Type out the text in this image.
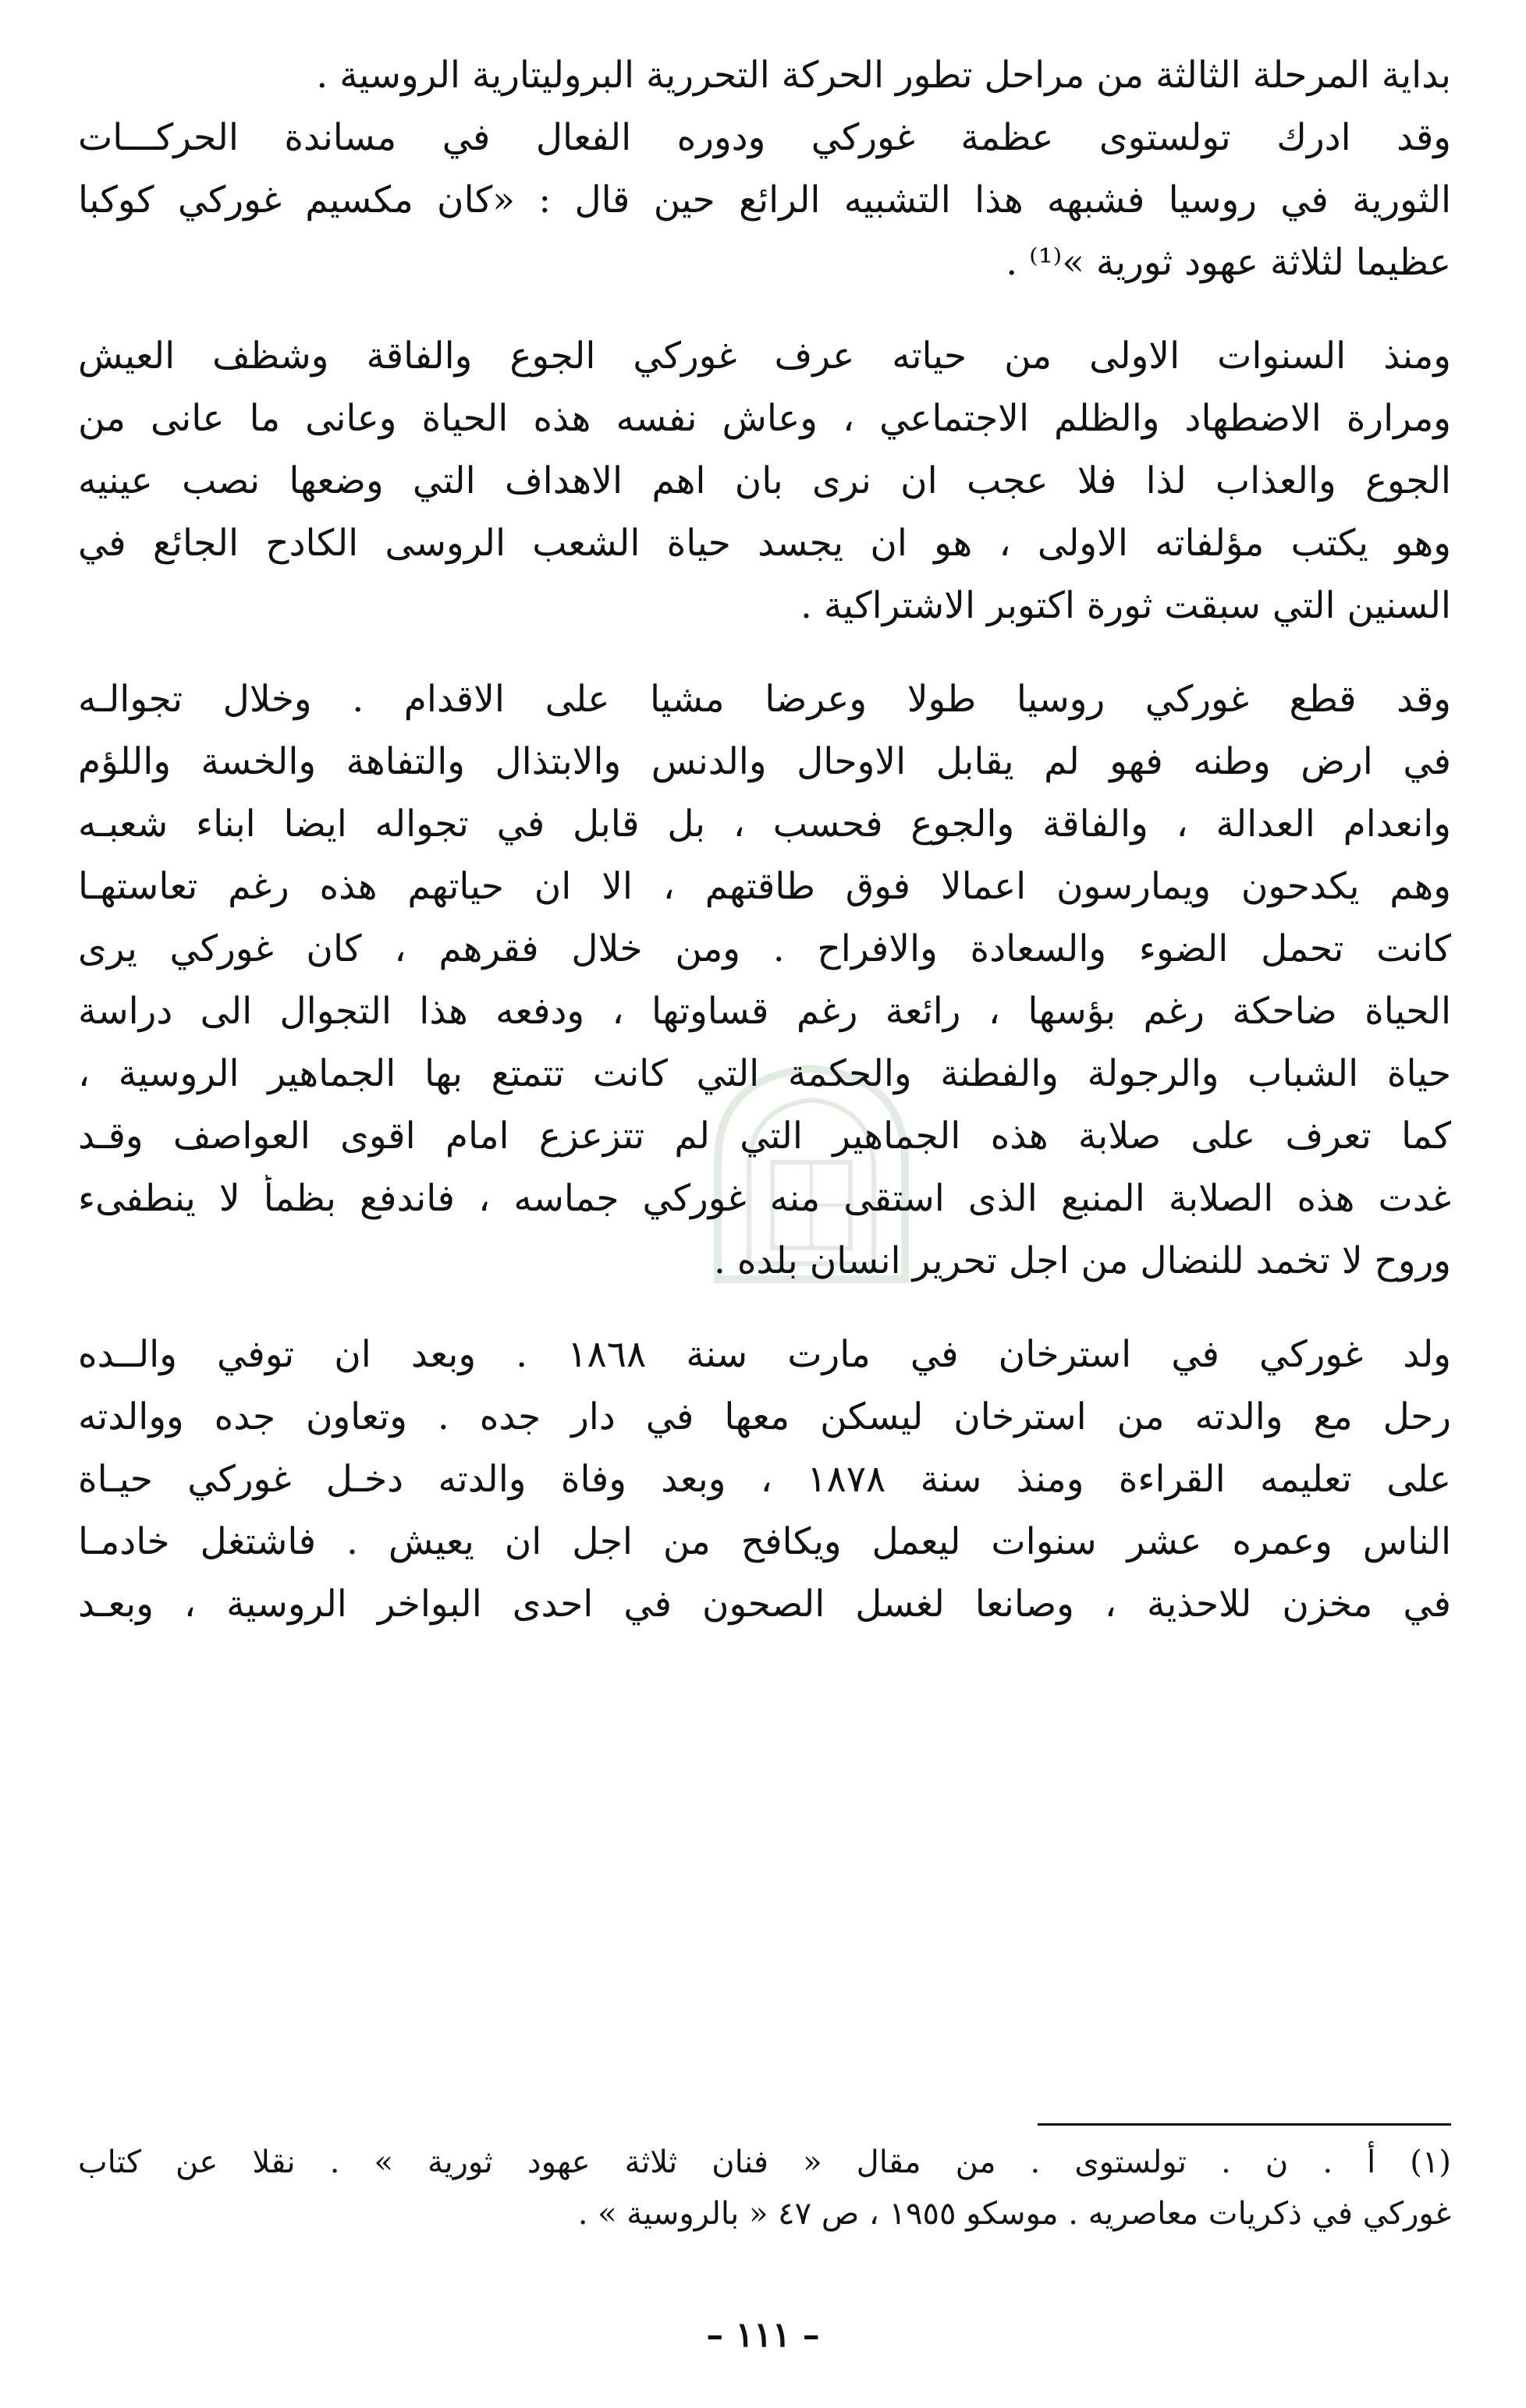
بداية المرحلة الثالثة من مراحل تطور الحركة التحررية البروليتارية الروسية .
وقد ادرك تولستوى عظمة غوركي ودوره الفعال في مساندة الحركـــات
الثورية في روسيا فشبهه هذا التشبيه الرائع حين قال : «كان مكسيم غوركي كوكبا
عظيما لثلاثة عهود ثورية »⁽¹⁾ .
ومنذ السنوات الاولى من حياته عرف غوركي الجوع والفاقة وشظف العيش
ومرارة الاضطهاد والظلم الاجتماعي ، وعاش نفسه هذه الحياة وعانى ما عانى من
الجوع والعذاب لذا فلا عجب ان نرى بان اهم الاهداف التي وضعها نصب عينيه
وهو يكتب مؤلفاته الاولى ، هو ان يجسد حياة الشعب الروسى الكادح الجائع في
السنين التي سبقت ثورة اكتوبر الاشتراكية .
وقد قطع غوركي روسيا طولا وعرضا مشيا على الاقدام . وخلال تجوالـه
في ارض وطنه فهو لم يقابل الاوحال والدنس والابتذال والتفاهة والخسة واللؤم
وانعدام العدالة ، والفاقة والجوع فحسب ، بل قابل في تجواله ايضا ابناء شعبـه
وهم يكدحون ويمارسون اعمالا فوق طاقتهم ، الا ان حياتهم هذه رغم تعاستهـا
كانت تحمل الضوء والسعادة والافراح . ومن خلال فقرهم ، كان غوركي يرى
الحياة ضاحكة رغم بؤسها ، رائعة رغم قساوتها ، ودفعه هذا التجوال الى دراسة
حياة الشباب والرجولة والفطنة والحكمة التي كانت تتمتع بها الجماهير الروسية ،
كما تعرف على صلابة هذه الجماهير التي لم تتزعزع امام اقوى العواصف وقـد
غدت هذه الصلابة المنبع الذى استقى منه غوركي جماسه ، فاندفع بظمأ لا ينطفىء
وروح لا تخمد للنضال من اجل تحرير انسان بلده .
ولد غوركي في استرخان في مارت سنة ١٨٦٨ . وبعد ان توفي والــده
رحل مع والدته من استرخان ليسكن معها في دار جده . وتعاون جده ووالدته
على تعليمه القراءة ومنذ سنة ١٨٧٨ ، وبعد وفاة والدته دخـل غوركي حيـاة
الناس وعمره عشر سنوات ليعمل ويكافح من اجل ان يعيش . فاشتغل خادمـا
في مخزن للاحذية ، وصانعا لغسل الصحون في احدى البواخر الروسية ، وبعـد
(١) أ . ن . تولستوى . من مقال « فنان ثلاثة عهود ثورية » . نقلا عن كتاب
غوركي في ذكريات معاصريه . موسكو ١٩٥٥ ، ص ٤٧ « بالروسية » .
– ١١١ –
